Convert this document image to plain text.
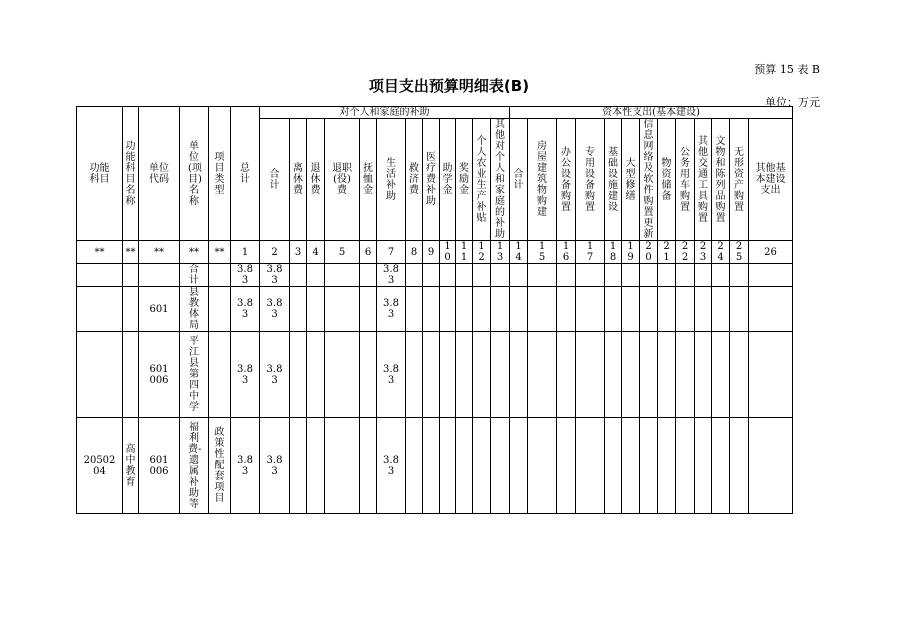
预算 15 表 B
项目支出预算明细表(B)
单位：万元
功能科目	功能科目名称	单位代码	单位(项目)名称	项目类型	总计	对个人和家庭的补助												资本性支出(基本建设)												
						合计	离休费	退休费	退职(役)费	抚恤金	生活补助	救济费	医疗费补助	助学金	奖励金	个人农业生产补贴	其他对个人和家庭的补助	合计	房屋建筑物购建	办公设备购置	专用设备购置	基础设施建设	大型修缮	信息网络及软件购置更新	物资储备	公务用车购置	其他交通工具购置	文物和陈列品购置	无形资产购置	其他基本建设支出
**	**	**	**	**	1	2	3	4	5	6	7	8	9	10	11	12	13	14	15	16	17	18	19	20	21	22	23	24	25	26
			合计		3.83	3.83					3.83																			
		601	县教体局		3.83	3.83					3.83																			
		601006	平江县第四中学		3.83	3.83					3.83																			
2050204	高中教育	601006	福利费-遗属补助等	政策性配套项目	3.83	3.83					3.83																			
